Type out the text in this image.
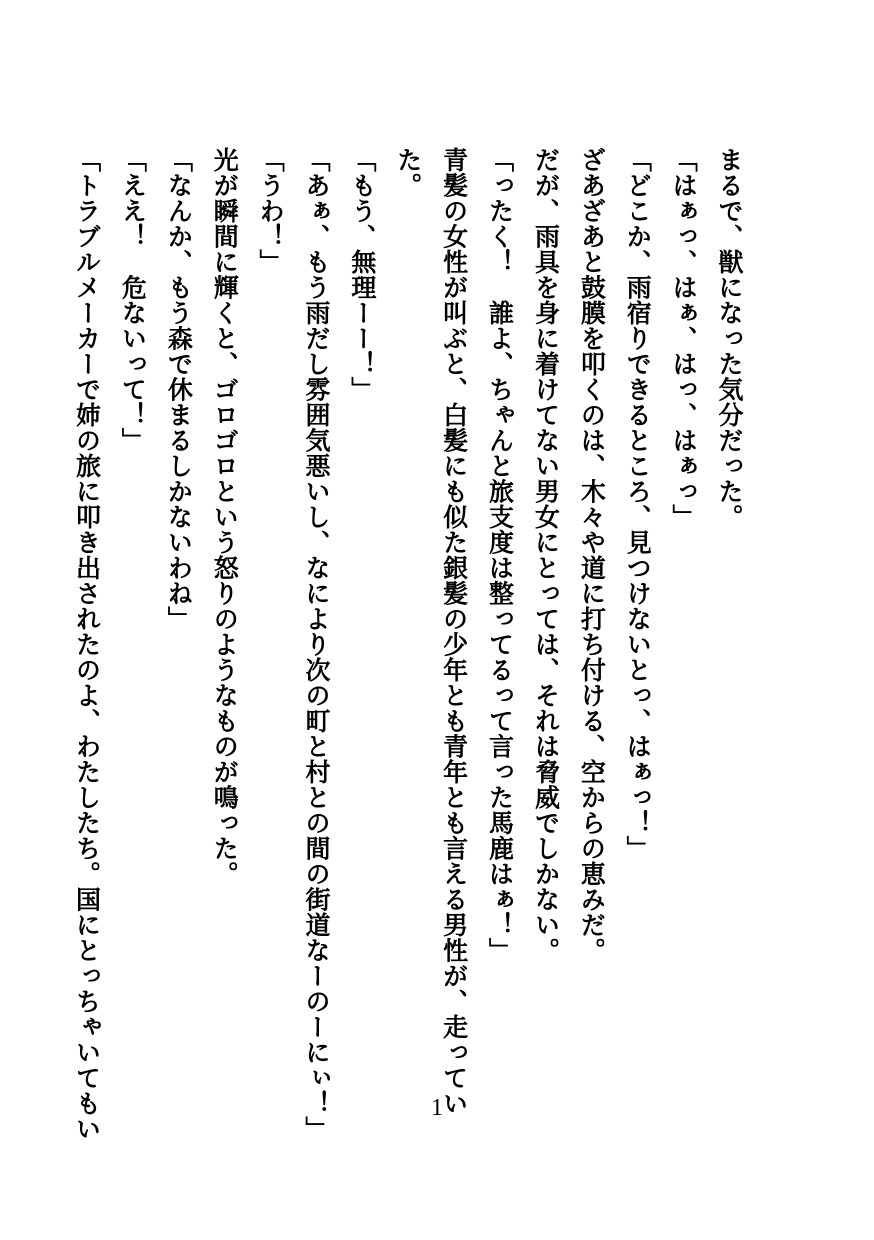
まるで、獣になった気分だった。
「はぁっ、はぁ、はっ、はぁっ」
「どこか、雨宿りできるところ、見つけないとっ、はぁっ！」
ざあざあと鼓膜を叩くのは、木々や道に打ち付ける、空からの恵みだ。
だが、雨具を身に着けてない男女にとっては、それは脅威でしかない。
「ったく！　誰よ、ちゃんと旅支度は整ってるって言った馬鹿はぁ！」
青髪の女性が叫ぶと、白髪にも似た銀髪の少年とも青年とも言える男性が、走ってい
た。
「もう、無理ーー！」
「あぁ、もう雨だし雰囲気悪いし、なにより次の町と村との間の街道なーのーにぃ！」
「うわ！」
光が瞬間に輝くと、ゴロゴロという怒りのようなものが鳴った。
「なんか、もう森で休まるしかないわね」
「ええ！　危ないって！」
「トラブルメーカーで姉の旅に叩き出されたのよ、わたしたち。国にとっちゃいてもい	1
